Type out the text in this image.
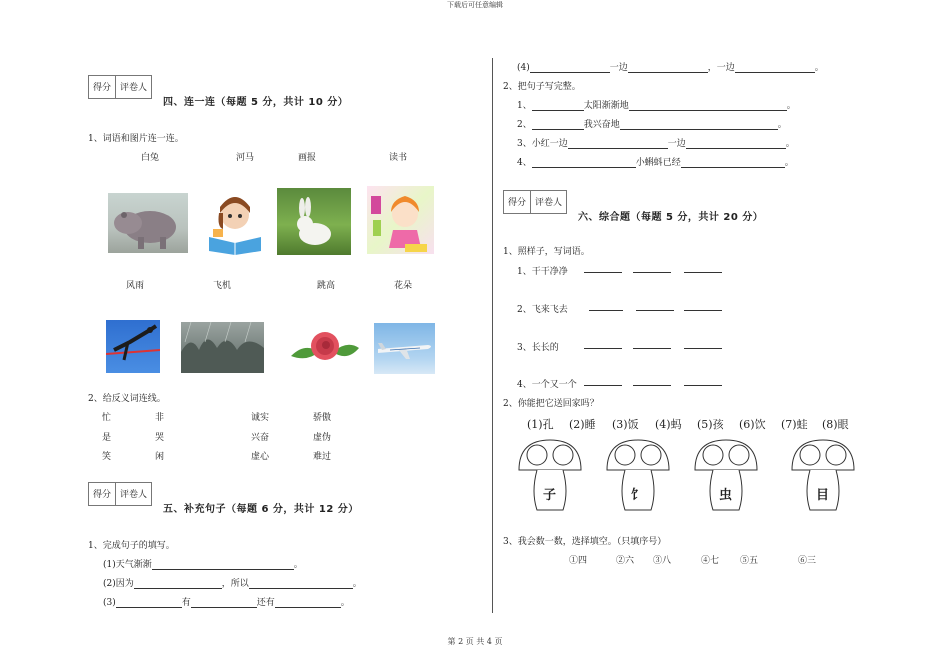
下载后可任意编辑
得分 评卷人
四、连一连（每题 5 分，共计 10 分）
1、词语和图片连一连。
白兔	河马	画报	读书
风雨	飞机	跳高	花朵
2、给反义词连线。
忙	非	诚实	骄傲
是	哭	兴奋	虚伪
笑	闲	虚心	难过
得分 评卷人
五、补充句子（每题 6 分，共计 12 分）
1、完成句子的填写。
(1)天气渐渐	。
(2)因为	，所以	。
(3)	有	还有	。
(4)	一边	，一边	。
2、把句子写完整。
1、	太阳渐渐地	。
2、	我兴奋地	。
3、小红一边	一边	。
4、	小蝌蚪已经	。
得分 评卷人
六、综合题（每题 5 分，共计 20 分）
1、照样子，写词语。
1、干干净净
2、飞来飞去
3、长长的
4、一个又一个
2、你能把它送回家吗？
(1)孔 (2)睡 (3)饭 (4)蚂 (5)孩 (6)饮 (7)蛙 (8)眼
子	饣	虫	目
3、我会数一数，选择填空。（只填序号）
①四	②六 ③八	④七 ⑤五	⑥三
第 2 页 共 4 页
